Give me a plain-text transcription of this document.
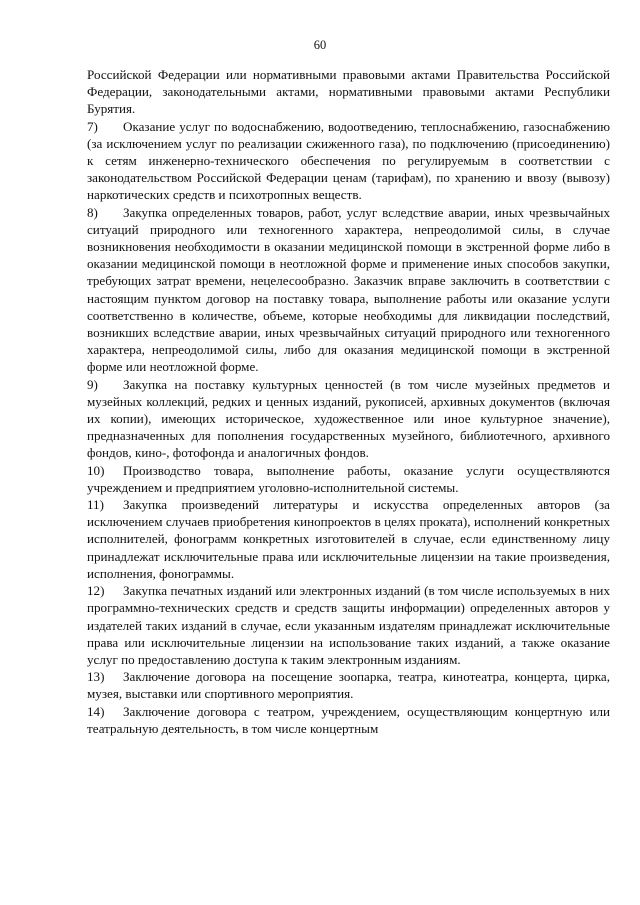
60

Российской Федерации или нормативными правовыми актами Правительства Российской Федерации, законодательными актами, нормативными правовыми актами Республики Бурятия.

7) Оказание услуг по водоснабжению, водоотведению, теплоснабжению, газоснабжению (за исключением услуг по реализации сжиженного газа), по подключению (присоединению) к сетям инженерно-технического обеспечения по регулируемым в соответствии с законодательством Российской Федерации ценам (тарифам), по хранению и ввозу (вывозу) наркотических средств и психотропных веществ.

8) Закупка определенных товаров, работ, услуг вследствие аварии, иных чрезвычайных ситуаций природного или техногенного характера, непреодолимой силы, в случае возникновения необходимости в оказании медицинской помощи в экстренной форме либо в оказании медицинской помощи в неотложной форме и применение иных способов закупки, требующих затрат времени, нецелесообразно. Заказчик вправе заключить в соответствии с настоящим пунктом договор на поставку товара, выполнение работы или оказание услуги соответственно в количестве, объеме, которые необходимы для ликвидации последствий, возникших вследствие аварии, иных чрезвычайных ситуаций природного или техногенного характера, непреодолимой силы, либо для оказания медицинской помощи в экстренной форме или неотложной форме.

9) Закупка на поставку культурных ценностей (в том числе музейных предметов и музейных коллекций, редких и ценных изданий, рукописей, архивных документов (включая их копии), имеющих историческое, художественное или иное культурное значение), предназначенных для пополнения государственных музейного, библиотечного, архивного фондов, кино-, фотофонда и аналогичных фондов.

10) Производство товара, выполнение работы, оказание услуги осуществляются учреждением и предприятием уголовно-исполнительной системы.

11) Закупка произведений литературы и искусства определенных авторов (за исключением случаев приобретения кинопроектов в целях проката), исполнений конкретных исполнителей, фонограмм конкретных изготовителей в случае, если единственному лицу принадлежат исключительные права или исключительные лицензии на такие произведения, исполнения, фонограммы.

12) Закупка печатных изданий или электронных изданий (в том числе используемых в них программно-технических средств и средств защиты информации) определенных авторов у издателей таких изданий в случае, если указанным издателям принадлежат исключительные права или исключительные лицензии на использование таких изданий, а также оказание услуг по предоставлению доступа к таким электронным изданиям.

13) Заключение договора на посещение зоопарка, театра, кинотеатра, концерта, цирка, музея, выставки или спортивного мероприятия.

14) Заключение договора с театром, учреждением, осуществляющим концертную или театральную деятельность, в том числе концертным
